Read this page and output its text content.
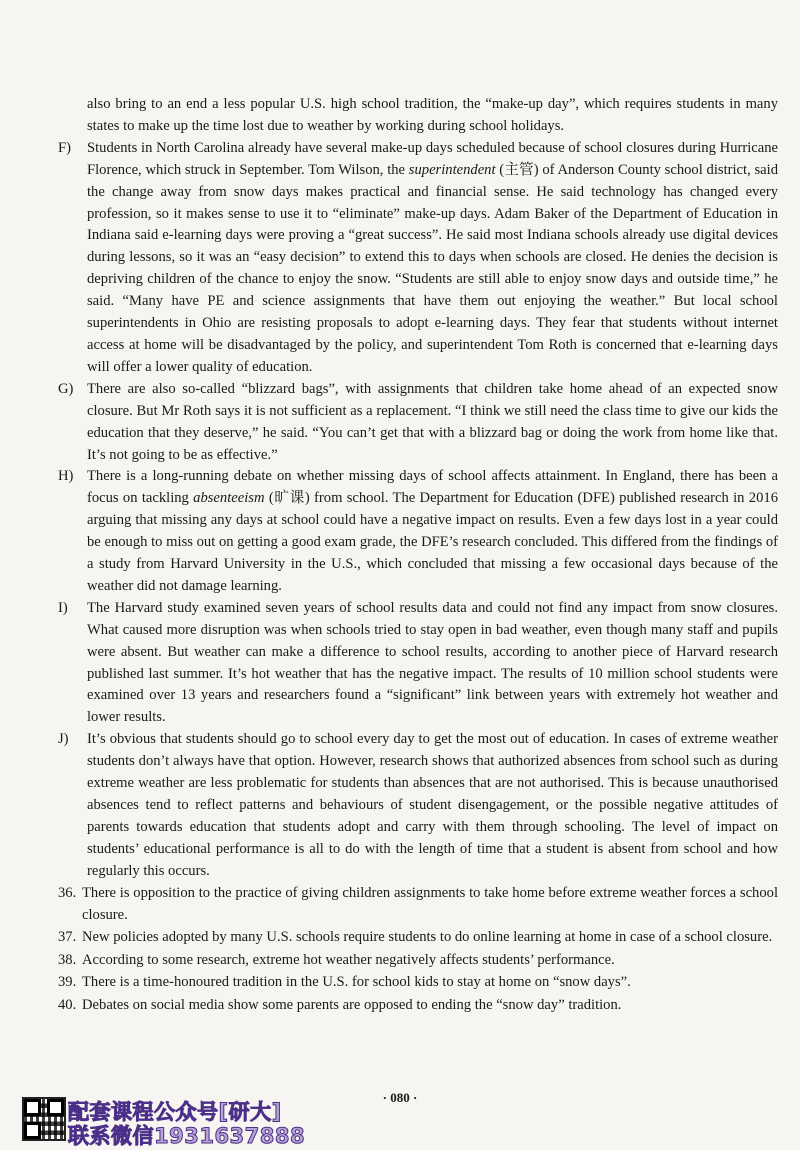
also bring to an end a less popular U.S. high school tradition, the “make-up day”, which requires students in many states to make up the time lost due to weather by working during school holidays.
F)	Students in North Carolina already have several make-up days scheduled because of school closures during Hurricane Florence, which struck in September. Tom Wilson, the superintendent (主管) of Anderson County school district, said the change away from snow days makes practical and financial sense. He said technology has changed every profession, so it makes sense to use it to “eliminate” make-up days. Adam Baker of the Department of Education in Indiana said e-learning days were proving a “great success”. He said most Indiana schools already use digital devices during lessons, so it was an “easy decision” to extend this to days when schools are closed. He denies the decision is depriving children of the chance to enjoy the snow. “Students are still able to enjoy snow days and outside time,” he said. “Many have PE and science assignments that have them out enjoying the weather.” But local school superintendents in Ohio are resisting proposals to adopt e-learning days. They fear that students without internet access at home will be disadvantaged by the policy, and superintendent Tom Roth is concerned that e-learning days will offer a lower quality of education.
G) There are also so-called “blizzard bags”, with assignments that children take home ahead of an expected snow closure. But Mr Roth says it is not sufficient as a replacement. “I think we still need the class time to give our kids the education that they deserve,” he said. “You can’t get that with a blizzard bag or doing the work from home like that. It’s not going to be as effective.”
H) There is a long-running debate on whether missing days of school affects attainment. In England, there has been a focus on tackling absenteeism (旷课) from school. The Department for Education (DFE) published research in 2016 arguing that missing any days at school could have a negative impact on results. Even a few days lost in a year could be enough to miss out on getting a good exam grade, the DFE’s research concluded. This differed from the findings of a study from Harvard University in the U.S., which concluded that missing a few occasional days because of the weather did not damage learning.
I)	The Harvard study examined seven years of school results data and could not find any impact from snow closures. What caused more disruption was when schools tried to stay open in bad weather, even though many staff and pupils were absent. But weather can make a difference to school results, according to another piece of Harvard research published last summer. It’s hot weather that has the negative impact. The results of 10 million school students were examined over 13 years and researchers found a “significant” link between years with extremely hot weather and lower results.
J)	It’s obvious that students should go to school every day to get the most out of education. In cases of extreme weather students don’t always have that option. However, research shows that authorized absences from school such as during extreme weather are less problematic for students than absences that are not authorised. This is because unauthorised absences tend to reflect patterns and behaviours of student disengagement, or the possible negative attitudes of parents towards education that students adopt and carry with them through schooling. The level of impact on students’ educational performance is all to do with the length of time that a student is absent from school and how regularly this occurs.
36. There is opposition to the practice of giving children assignments to take home before extreme weather forces a school closure.
37. New policies adopted by many U.S. schools require students to do online learning at home in case of a school closure.
38. According to some research, extreme hot weather negatively affects students’ performance.
39. There is a time-honoured tradition in the U.S. for school kids to stay at home on “snow days”.
40. Debates on social media show some parents are opposed to ending the “snow day” tradition.
· 080 ·
配套课程公众号[研大]
联系微信1931637888
